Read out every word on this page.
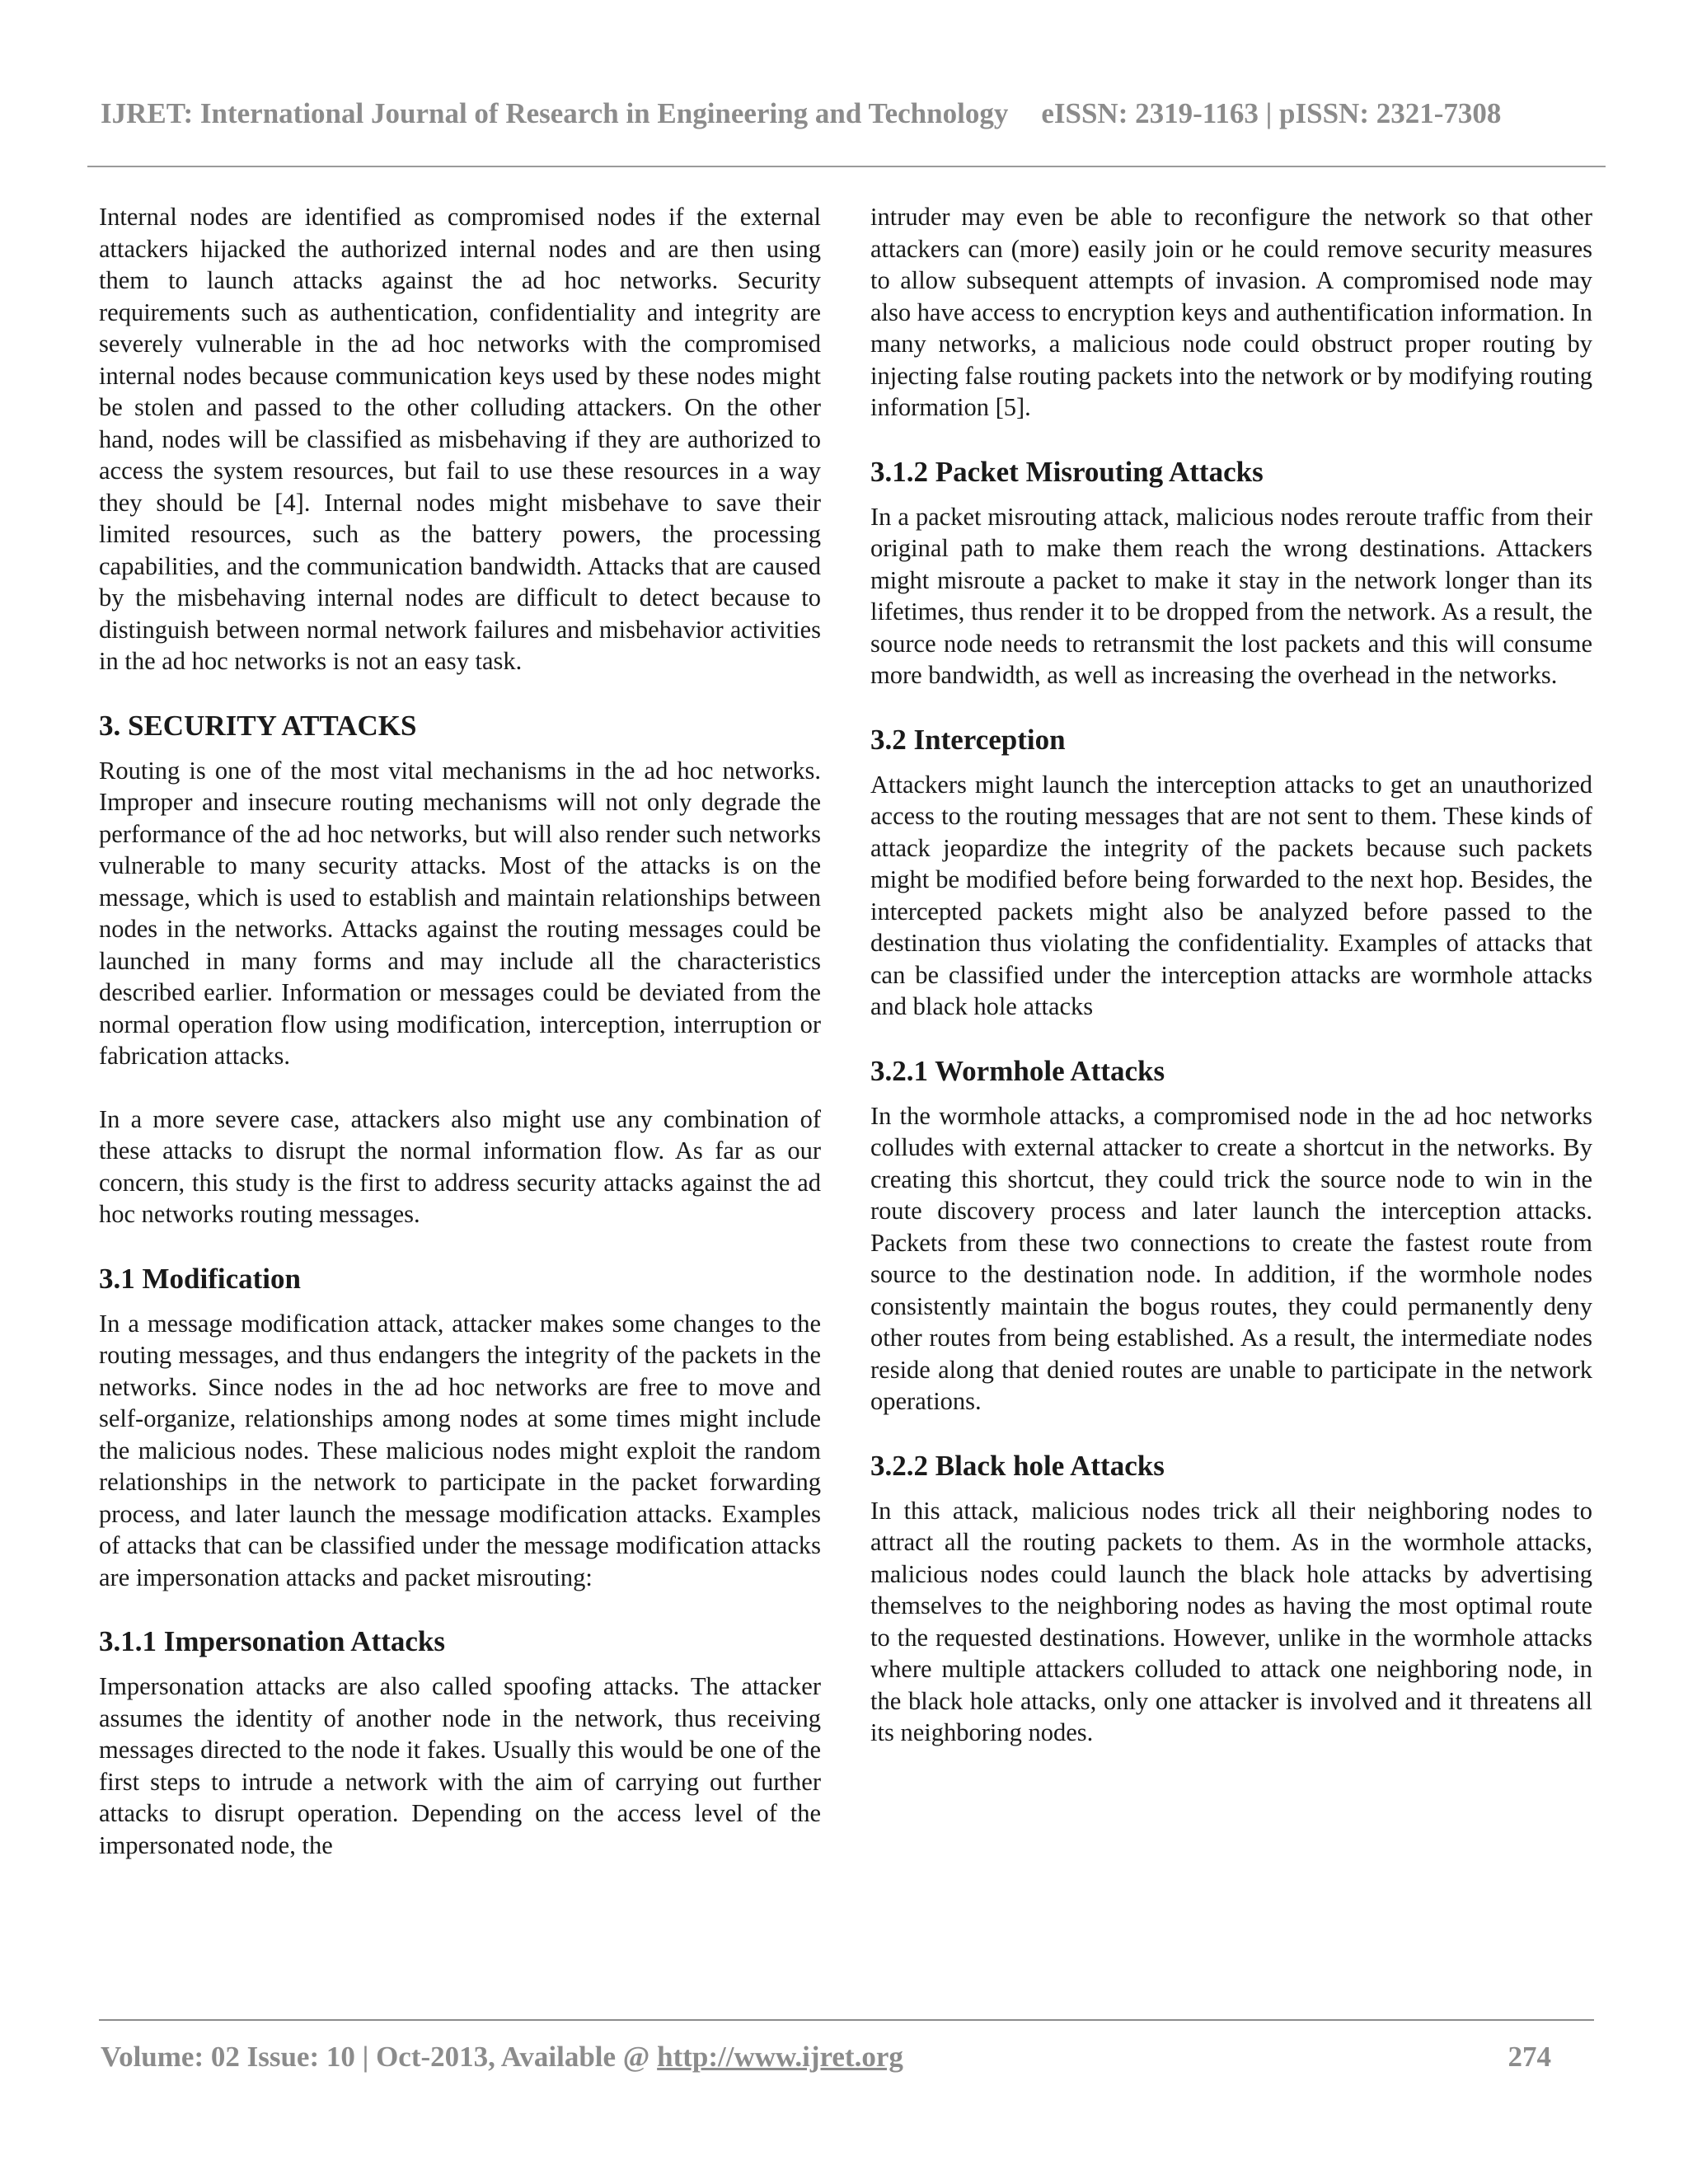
IJRET: International Journal of Research in Engineering and Technology eISSN: 2319-1163 | pISSN: 2321-7308

Internal nodes are identified as compromised nodes if the external attackers hijacked the authorized internal nodes and are then using them to launch attacks against the ad hoc networks. Security requirements such as authentication, confidentiality and integrity are severely vulnerable in the ad hoc networks with the compromised internal nodes because communication keys used by these nodes might be stolen and passed to the other colluding attackers. On the other hand, nodes will be classified as misbehaving if they are authorized to access the system resources, but fail to use these resources in a way they should be [4]. Internal nodes might misbehave to save their limited resources, such as the battery powers, the processing capabilities, and the communication bandwidth. Attacks that are caused by the misbehaving internal nodes are difficult to detect because to distinguish between normal network failures and misbehavior activities in the ad hoc networks is not an easy task.

3. SECURITY ATTACKS

Routing is one of the most vital mechanisms in the ad hoc networks. Improper and insecure routing mechanisms will not only degrade the performance of the ad hoc networks, but will also render such networks vulnerable to many security attacks. Most of the attacks is on the message, which is used to establish and maintain relationships between nodes in the networks. Attacks against the routing messages could be launched in many forms and may include all the characteristics described earlier. Information or messages could be deviated from the normal operation flow using modification, interception, interruption or fabrication attacks.

In a more severe case, attackers also might use any combination of these attacks to disrupt the normal information flow. As far as our concern, this study is the first to address security attacks against the ad hoc networks routing messages.

3.1 Modification

In a message modification attack, attacker makes some changes to the routing messages, and thus endangers the integrity of the packets in the networks. Since nodes in the ad hoc networks are free to move and self-organize, relationships among nodes at some times might include the malicious nodes. These malicious nodes might exploit the random relationships in the network to participate in the packet forwarding process, and later launch the message modification attacks. Examples of attacks that can be classified under the message modification attacks are impersonation attacks and packet misrouting:

3.1.1 Impersonation Attacks

Impersonation attacks are also called spoofing attacks. The attacker assumes the identity of another node in the network, thus receiving messages directed to the node it fakes. Usually this would be one of the first steps to intrude a network with the aim of carrying out further attacks to disrupt operation. Depending on the access level of the impersonated node, the

intruder may even be able to reconfigure the network so that other attackers can (more) easily join or he could remove security measures to allow subsequent attempts of invasion. A compromised node may also have access to encryption keys and authentification information. In many networks, a malicious node could obstruct proper routing by injecting false routing packets into the network or by modifying routing information [5].

3.1.2 Packet Misrouting Attacks

In a packet misrouting attack, malicious nodes reroute traffic from their original path to make them reach the wrong destinations. Attackers might misroute a packet to make it stay in the network longer than its lifetimes, thus render it to be dropped from the network. As a result, the source node needs to retransmit the lost packets and this will consume more bandwidth, as well as increasing the overhead in the networks.

3.2 Interception

Attackers might launch the interception attacks to get an unauthorized access to the routing messages that are not sent to them. These kinds of attack jeopardize the integrity of the packets because such packets might be modified before being forwarded to the next hop. Besides, the intercepted packets might also be analyzed before passed to the destination thus violating the confidentiality. Examples of attacks that can be classified under the interception attacks are wormhole attacks and black hole attacks

3.2.1 Wormhole Attacks

In the wormhole attacks, a compromised node in the ad hoc networks colludes with external attacker to create a shortcut in the networks. By creating this shortcut, they could trick the source node to win in the route discovery process and later launch the interception attacks. Packets from these two connections to create the fastest route from source to the destination node. In addition, if the wormhole nodes consistently maintain the bogus routes, they could permanently deny other routes from being established. As a result, the intermediate nodes reside along that denied routes are unable to participate in the network operations.

3.2.2 Black hole Attacks

In this attack, malicious nodes trick all their neighboring nodes to attract all the routing packets to them. As in the wormhole attacks, malicious nodes could launch the black hole attacks by advertising themselves to the neighboring nodes as having the most optimal route to the requested destinations. However, unlike in the wormhole attacks where multiple attackers colluded to attack one neighboring node, in the black hole attacks, only one attacker is involved and it threatens all its neighboring nodes.

Volume: 02 Issue: 10 | Oct-2013, Available @ http://www.ijret.org	274
